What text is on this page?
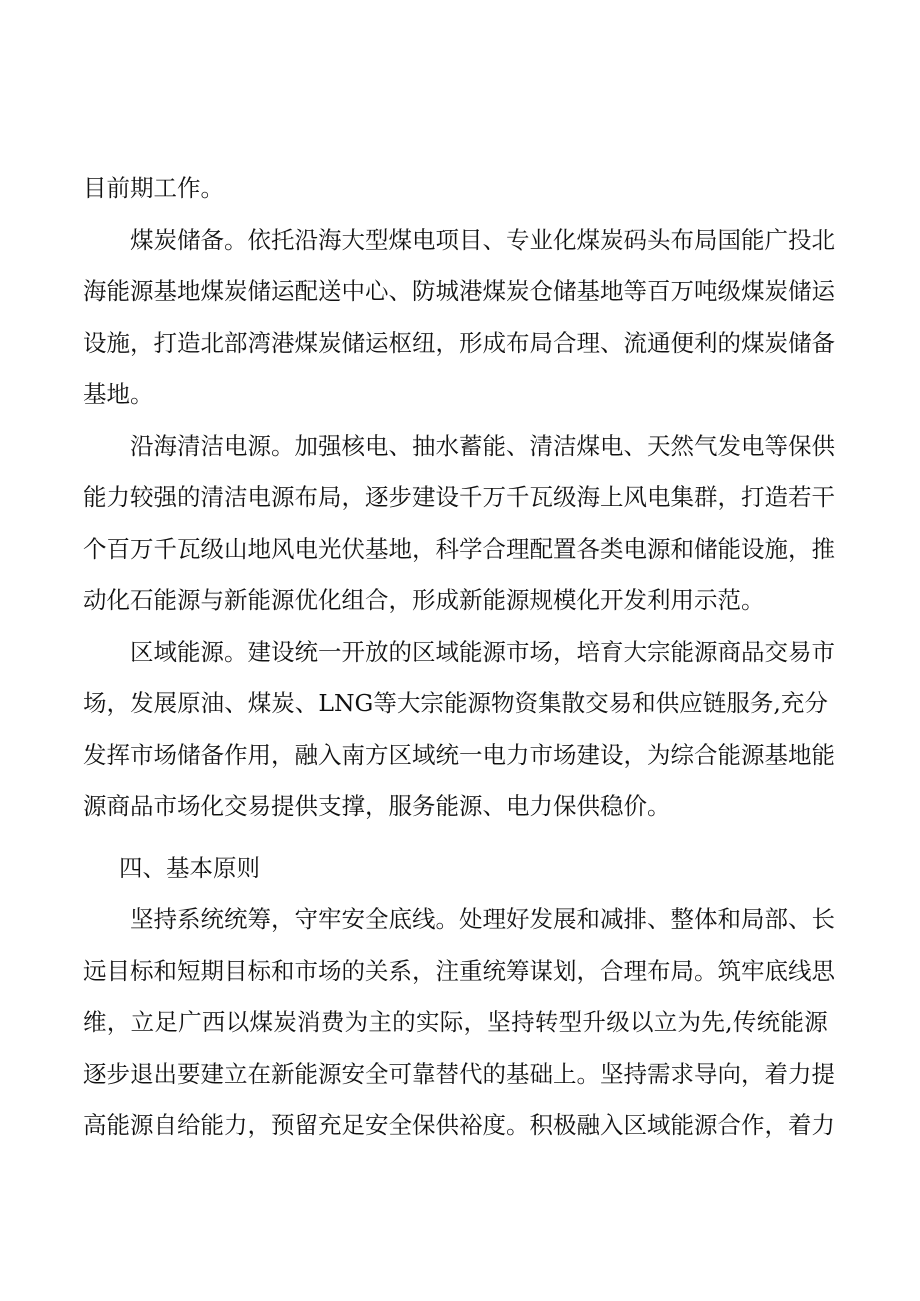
目前期工作。
煤 炭 储 备 。 依 托 沿 海 大 型 煤 电 项 目 、 专 业 化 煤 炭 码 头 布 局 国 能 广 投 北
海 能 源 基 地 煤 炭 储 运 配 送 中 心 、 防 城 港 煤 炭 仓 储 基 地 等 百 万 吨 级 煤 炭 储 运
设 施 ， 打 造 北 部 湾 港 煤 炭 储 运 枢 纽 ， 形 成 布 局 合 理 、 流 通 便 利 的 煤 炭 储 备
基地。
沿 海 清 洁 电 源 。 加 强 核 电 、 抽 水 蓄 能 、 清 洁 煤 电 、 天 然 气 发 电 等 保 供
能 力 较 强 的 清 洁 电 源 布 局 ， 逐 步 建 设 千 万 千 瓦 级 海 上 风 电 集 群 ， 打 造 若 干
个 百 万 千 瓦 级 山 地 风 电 光 伏 基 地 ， 科 学 合 理 配 置 各 类 电 源 和 储 能 设 施 ， 推
动化石能源与新能源优化组合，形成新能源规模化开发利用示范。
区 域 能 源 。 建 设 统 一 开 放 的 区 域 能 源 市 场 ， 培 育 大 宗 能 源 商 品 交 易 市
场 ， 发 展 原 油 、 煤 炭 、 L N G 等 大 宗 能 源 物 资 集 散 交 易 和 供 应 链 服 务 , 充 分
发 挥 市 场 储 备 作 用 ， 融 入 南 方 区 域 统 一 电 力 市 场 建 设 ， 为 综 合 能 源 基 地 能
源商品市场化交易提供支撑，服务能源、电力保供稳价。
四、基本原则
坚 持 系 统 统 筹 ， 守 牢 安 全 底 线 。 处 理 好 发 展 和 减 排 、 整 体 和 局 部 、 长
远 目 标 和 短 期 目 标 和 市 场 的 关 系 ， 注 重 统 筹 谋 划 ， 合 理 布 局 。 筑 牢 底 线 思
维 ， 立 足 广 西 以 煤 炭 消 费 为 主 的 实 际 ， 坚 持 转 型 升 级 以 立 为 先 , 传 统 能 源
逐 步 退 出 要 建 立 在 新 能 源 安 全 可 靠 替 代 的 基 础 上 。 坚 持 需 求 导 向 ， 着 力 提
高 能 源 自 给 能 力 ， 预 留 充 足 安 全 保 供 裕 度 。 积 极 融 入 区 域 能 源 合 作 ， 着 力
